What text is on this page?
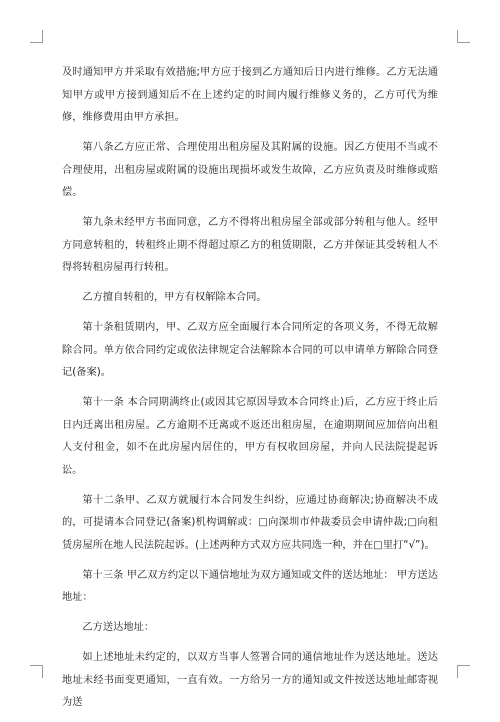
及时通知甲方并采取有效措施;甲方应于接到乙方通知后日内进行维修。乙方无法通知甲方或甲方接到通知后不在上述约定的时间内履行维修义务的，乙方可代为维修，维修费用由甲方承担。

第八条乙方应正常、合理使用出租房屋及其附属的设施。因乙方使用不当或不合理使用，出租房屋或附属的设施出现损坏或发生故障，乙方应负责及时维修或赔偿。

第九条未经甲方书面同意，乙方不得将出租房屋全部或部分转租与他人。经甲方同意转租的，转租终止期不得超过原乙方的租赁期限，乙方并保证其受转租人不得将转租房屋再行转租。

乙方擅自转租的，甲方有权解除本合同。

第十条租赁期内，甲、乙双方应全面履行本合同所定的各项义务，不得无故解除合同。单方依合同约定或依法律规定合法解除本合同的可以申请单方解除合同登记(备案)。

第十一条 本合同期满终止(或因其它原因导致本合同终止)后，乙方应于终止后日内迁离出租房屋。乙方逾期不迁离或不返还出租房屋，在逾期期间应加倍向出租人支付租金，如不在此房屋内居住的，甲方有权收回房屋，并向人民法院提起诉讼。

第十二条甲、乙双方就履行本合同发生纠纷，应通过协商解决;协商解决不成的，可提请本合同登记(备案)机构调解或：□向深圳市仲裁委员会申请仲裁;□向租赁房屋所在地人民法院起诉。(上述两种方式双方应共同选一种，并在□里打“√”)。

第十三条 甲乙双方约定以下通信地址为双方通知或文件的送达地址： 甲方送达地址：

乙方送达地址：

如上述地址未约定的，以双方当事人签署合同的通信地址作为送达地址。送达地址未经书面变更通知，一直有效。一方给另一方的通知或文件按送达地址邮寄视为送
